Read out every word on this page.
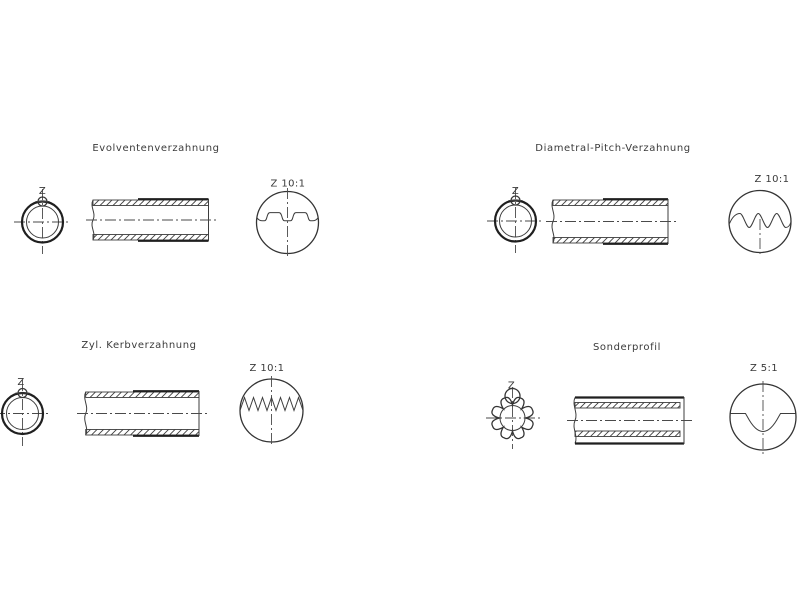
Evolventenverzahnung
Z
Z 10:1
Diametral-Pitch-Verzahnung
Z
Z 10:1
Zyl. Kerbverzahnung
Z
Z 10:1
Sonderprofil
Z
Z 5:1
